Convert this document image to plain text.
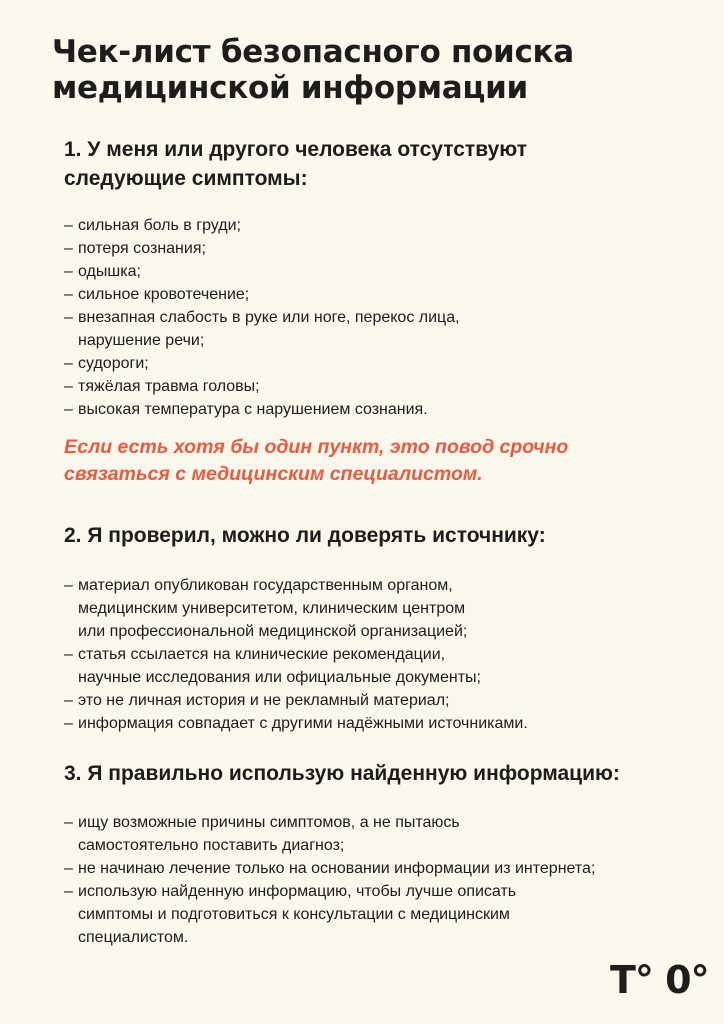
Чек-лист безопасного поиска
медицинской информации
1. У меня или другого человека отсутствуют
следующие симптомы:
– сильная боль в груди;
– потеря сознания;
– одышка;
– сильное кровотечение;
– внезапная слабость в руке или ноге, перекос лица,
нарушение речи;
– судороги;
– тяжёлая травма головы;
– высокая температура с нарушением сознания.

Если есть хотя бы один пункт, это повод срочно
связаться с медицинским специалистом.

2. Я проверил, можно ли доверять источнику:
– материал опубликован государственным органом,
медицинским университетом, клиническим центром
или профессиональной медицинской организацией;
– статья ссылается на клинические рекомендации,
научные исследования или официальные документы;
– это не личная история и не рекламный материал;
– информация совпадает с другими надёжными источниками.
3. Я правильно использую найденную информацию:
– ищу возможные причины симптомов, а не пытаюсь
самостоятельно поставить диагноз;
– не начинаю лечение только на основании информации из интернета;
– использую найденную информацию, чтобы лучше описать
симптомы и подготовиться к консультации с медицинским
специалистом.
T° 0°
